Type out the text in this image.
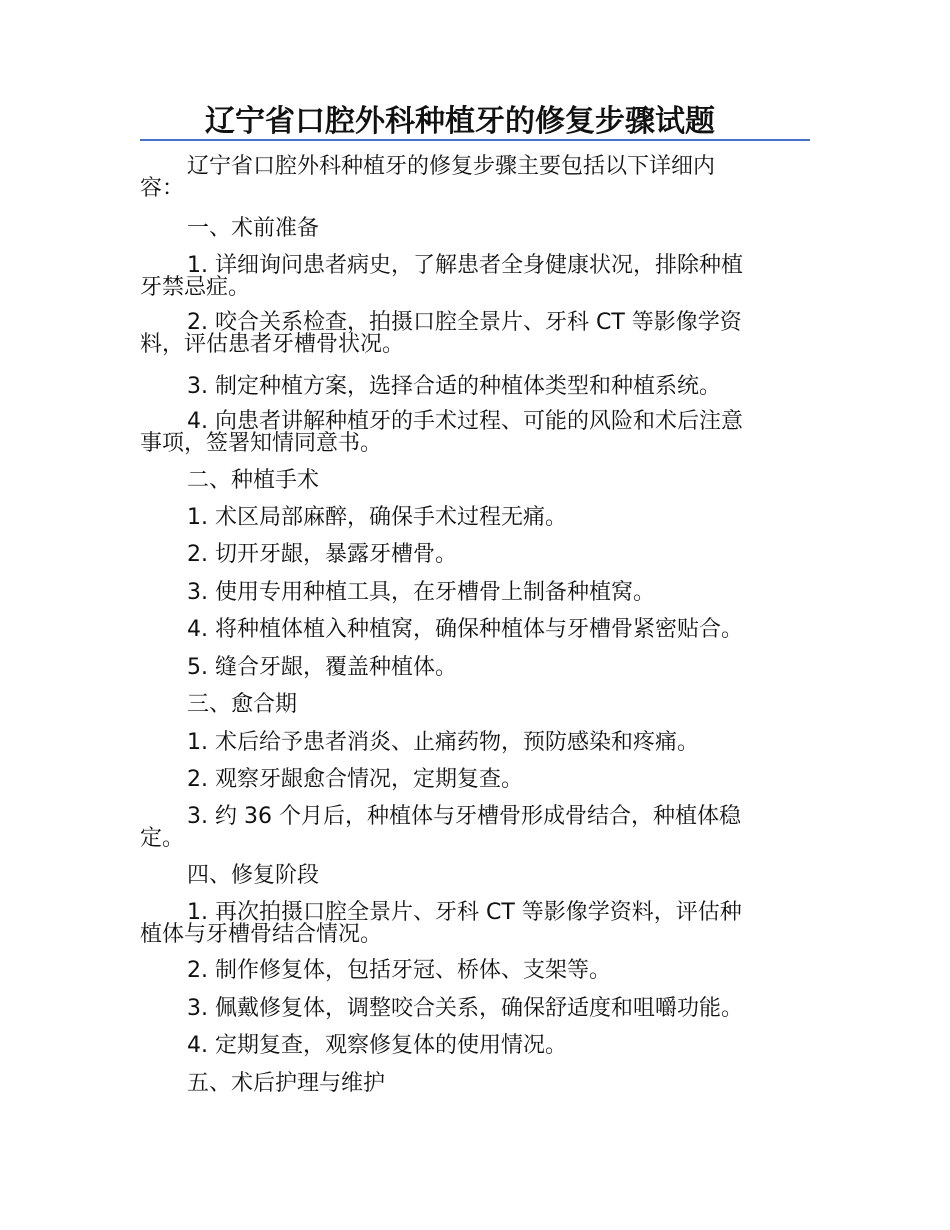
辽宁省口腔外科种植牙的修复步骤试题
辽宁省口腔外科种植牙的修复步骤主要包括以下详细内
容：
一、术前准备
1. 详细询问患者病史，了解患者全身健康状况，排除种植
牙禁忌症。
2. 咬合关系检查，拍摄口腔全景片、牙科 CT 等影像学资
料，评估患者牙槽骨状况。
3. 制定种植方案，选择合适的种植体类型和种植系统。
4. 向患者讲解种植牙的手术过程、可能的风险和术后注意
事项，签署知情同意书。
二、种植手术
1. 术区局部麻醉，确保手术过程无痛。
2. 切开牙龈，暴露牙槽骨。
3. 使用专用种植工具，在牙槽骨上制备种植窝。
4. 将种植体植入种植窝，确保种植体与牙槽骨紧密贴合。
5. 缝合牙龈，覆盖种植体。
三、愈合期
1. 术后给予患者消炎、止痛药物，预防感染和疼痛。
2. 观察牙龈愈合情况，定期复查。
3. 约 36 个月后，种植体与牙槽骨形成骨结合，种植体稳
定。
四、修复阶段
1. 再次拍摄口腔全景片、牙科 CT 等影像学资料，评估种
植体与牙槽骨结合情况。
2. 制作修复体，包括牙冠、桥体、支架等。
3. 佩戴修复体，调整咬合关系，确保舒适度和咀嚼功能。
4. 定期复查，观察修复体的使用情况。
五、术后护理与维护
